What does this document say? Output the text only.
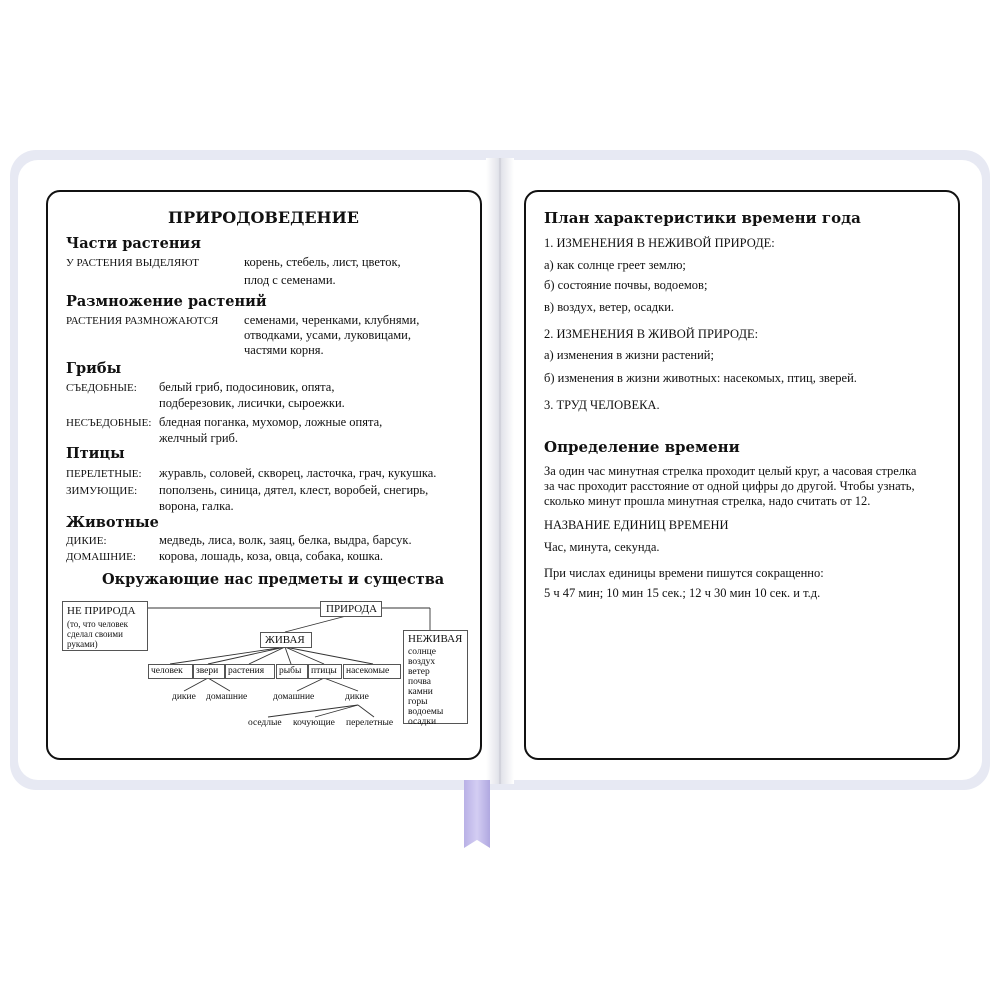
ПРИРОДОВЕДЕНИЕ
Части растения
У РАСТЕНИЯ ВЫДЕЛЯЮТ	корень, стебель, лист, цветок,
плод с семенами.
Размножение растений
РАСТЕНИЯ РАЗМНОЖАЮТСЯ семенами, черенками, клубнями,
отводками, усами, луковицами,
частями корня.
Грибы
СЪЕДОБНЫЕ: белый гриб, подосиновик, опята,
подберезовик, лисички, сыроежки.
НЕСЪЕДОБНЫЕ: бледная поганка, мухомор, ложные опята,
желчный гриб.
Птицы
ПЕРЕЛЕТНЫЕ: журавль, соловей, скворец, ласточка, грач, кукушка.
ЗИМУЮЩИЕ: поползень, синица, дятел, клест, воробей, снегирь,
ворона, галка.
Животные
ДИКИЕ:	медведь, лиса, волк, заяц, белка, выдра, барсук.
ДОМАШНИЕ: корова, лошадь, коза, овца, собака, кошка.
Окружающие нас предметы и существа
НЕ ПРИРОДА
(то, что человек
сделал своими
руками)
ПРИРОДА
ЖИВАЯ	НЕЖИВАЯ
солнце
воздух
ветер
почва
камни
горы
водоемы
осадки
человек звери растения рыбы птицы насекомые
дикие домашние	домашние	дикие
оседлые кочующие перелетные
План характеристики времени года
1. ИЗМЕНЕНИЯ В НЕЖИВОЙ ПРИРОДЕ:
а) как солнце греет землю;
б) состояние почвы, водоемов;
в) воздух, ветер, осадки.
2. ИЗМЕНЕНИЯ В ЖИВОЙ ПРИРОДЕ:
а) изменения в жизни растений;
б) изменения в жизни животных: насекомых, птиц, зверей.
3. ТРУД ЧЕЛОВЕКА.
Определение времени
За один час минутная стрелка проходит целый круг, а часовая стрелка
за час проходит расстояние от одной цифры до другой. Чтобы узнать,
сколько минут прошла минутная стрелка, надо считать от 12.
НАЗВАНИЕ ЕДИНИЦ ВРЕМЕНИ
Час, минута, секунда.
При числах единицы времени пишутся сокращенно:
5 ч 47 мин; 10 мин 15 сек.; 12 ч 30 мин 10 сек. и т.д.
